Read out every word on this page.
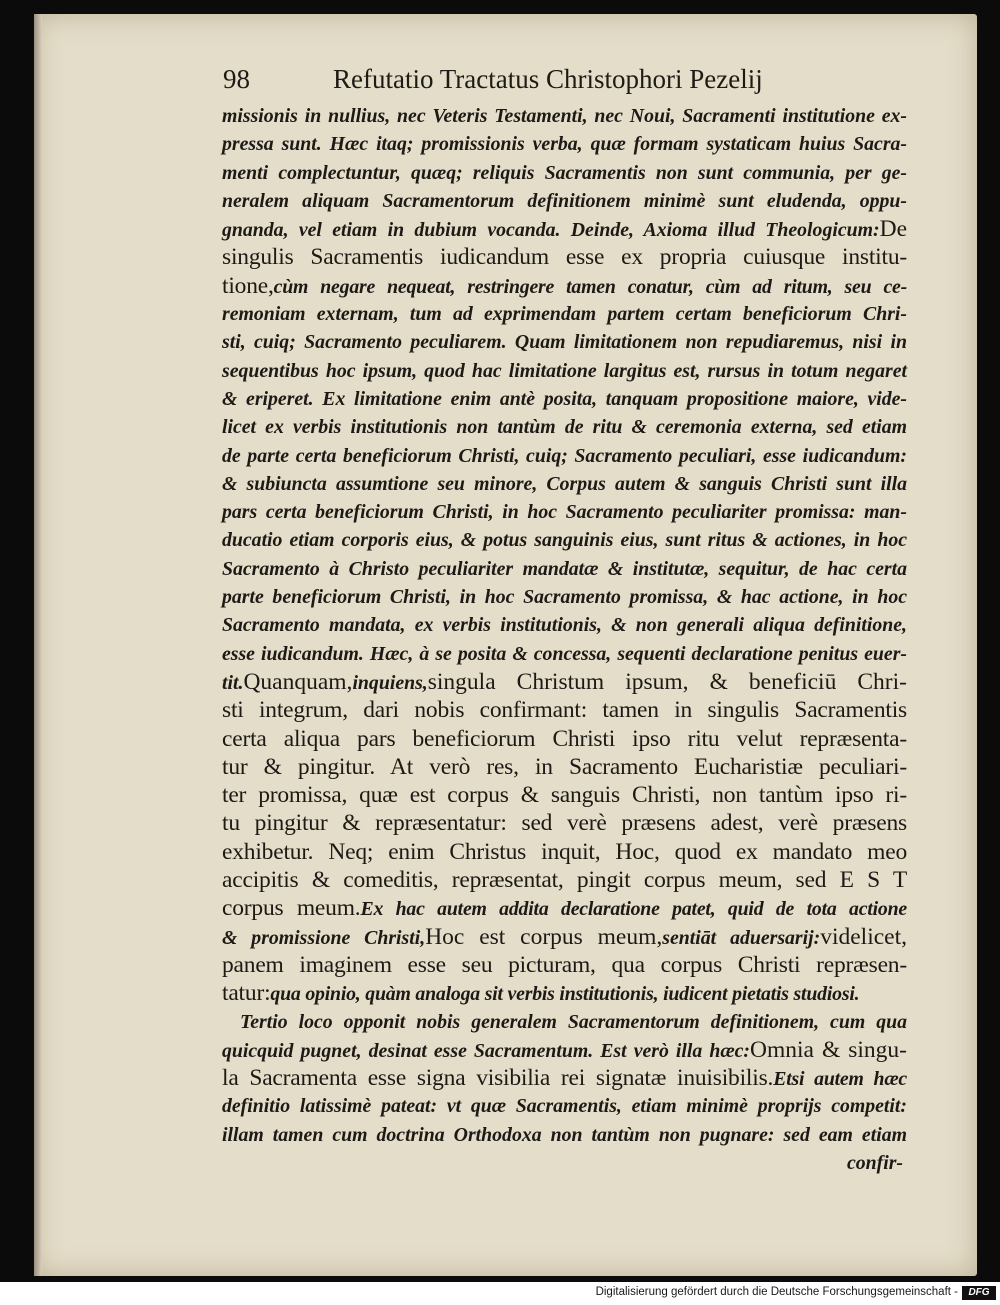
98	Refutatio Tractatus Christophori Pezelij
missionis in nullius, nec Veteris Testamenti, nec Noui, Sacramenti institutione ex-
pressa sunt. Hæc itaq; promissionis verba, quæ formam systaticam huius Sacra-
menti complectuntur, quæq; reliquis Sacramentis non sunt communia, per ge-
neralem aliquam Sacramentorum definitionem minimè sunt eludenda, oppu-
gnanda, vel etiam in dubium vocanda. Deinde, Axioma illud Theologicum:De
singulis Sacramentis iudicandum esse ex propria cuiusque institu-
tione,cùm negare nequeat, restringere tamen conatur, cùm ad ritum, seu ce-
remoniam externam, tum ad exprimendam partem certam beneficiorum Chri-
sti, cuiq; Sacramento peculiarem. Quam limitationem non repudiaremus, nisi in
sequentibus hoc ipsum, quod hac limitatione largitus est, rursus in totum negaret
& eriperet. Ex limitatione enim antè posita, tanquam propositione maiore, vide-
licet ex verbis institutionis non tantùm de ritu & ceremonia externa, sed etiam
de parte certa beneficiorum Christi, cuiq; Sacramento peculiari, esse iudicandum:
& subiuncta assumtione seu minore, Corpus autem & sanguis Christi sunt illa
pars certa beneficiorum Christi, in hoc Sacramento peculiariter promissa: man-
ducatio etiam corporis eius, & potus sanguinis eius, sunt ritus & actiones, in hoc
Sacramento à Christo peculiariter mandatæ & institutæ, sequitur, de hac certa
parte beneficiorum Christi, in hoc Sacramento promissa, & hac actione, in hoc
Sacramento mandata, ex verbis institutionis, & non generali aliqua definitione,
esse iudicandum. Hæc, à se posita & concessa, sequenti declaratione penitus euer-
tit.Quanquam,inquiens,singula Christum ipsum, & beneficiū Chri-
sti integrum, dari nobis confirmant: tamen in singulis Sacramentis
certa aliqua pars beneficiorum Christi ipso ritu velut repræsenta-
tur & pingitur. At verò res, in Sacramento Eucharistiæ peculiari-
ter promissa, quæ est corpus & sanguis Christi, non tantùm ipso ri-
tu pingitur & repræsentatur: sed verè præsens adest, verè præsens
exhibetur. Neq; enim Christus inquit, Hoc, quod ex mandato meo
accipitis & comeditis, repræsentat, pingit corpus meum, sed E S T
corpus meum.Ex hac autem addita declaratione patet, quid de tota actione
& promissione Christi,Hoc est corpus meum,sentiāt aduersarij:videlicet,
panem imaginem esse seu picturam, qua corpus Christi repræsen-
tatur:qua opinio, quàm analoga sit verbis institutionis, iudicent pietatis studiosi.
Tertio loco opponit nobis generalem Sacramentorum definitionem, cum qua
quicquid pugnet, desinat esse Sacramentum. Est verò illa hæc:Omnia & singu-
la Sacramenta esse signa visibilia rei signatæ inuisibilis.Etsi autem hæc
definitio latissimè pateat: vt quæ Sacramentis, etiam minimè proprijs competit:
illam tamen cum doctrina Orthodoxa non tantùm non pugnare: sed eam etiam
confir-
Digitalisierung gefördert durch die Deutsche Forschungsgemeinschaft -	DFG
